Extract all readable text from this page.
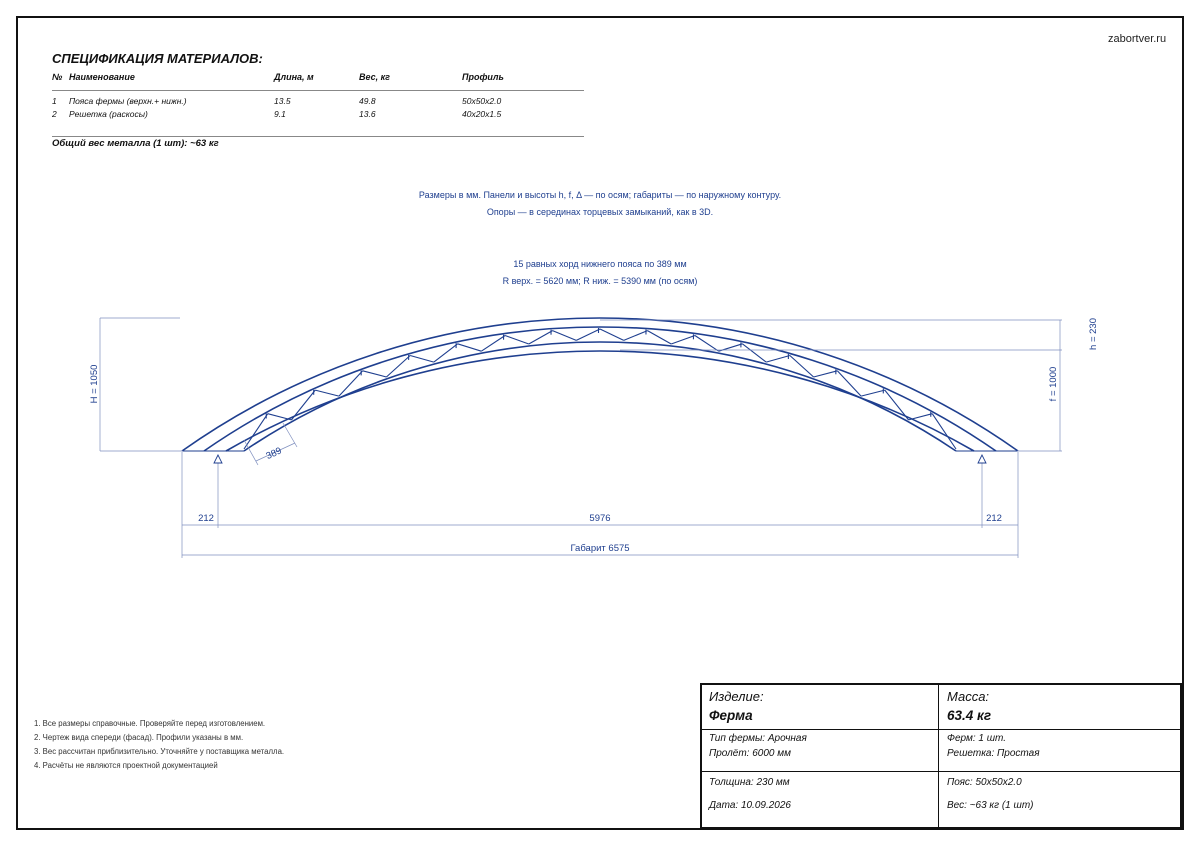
zabortver.ru
СПЕЦИФИКАЦИЯ МАТЕРИАЛОВ:
№ Наименование	Длина, м	Вес, кг	Профиль
1 Пояса фермы (верхн.+ нижн.)	13.5	49.8	50x50x2.0
2 Решетка (раскосы)	9.1	13.6	40x20x1.5
Общий вес металла (1 шт): ~63 кг
Размеры в мм. Панели и высоты h, f, Δ — по осям; габариты — по наружному контуру.
Опоры — в серединах торцевых замыканий, как в 3D.
15 равных хорд нижнего пояса по 389 мм
R верх. = 5620 мм; R ниж. = 5390 мм (по осям)
H = 1050	f = 1000
h = 230
389
212	5976	212
Габарит 6575
1. Все размеры справочные. Проверяйте перед изготовлением.
2. Чертеж вида спереди (фасад). Профили указаны в мм.
3. Вес рассчитан приблизительно. Уточняйте у поставщика металла.
4. Расчёты не являются проектной документацией
Изделие:
Ферма
Масса:
63.4 кг
Тип фермы: Арочная
Пролёт: 6000 мм
Ферм: 1 шт.
Решетка: Простая
Толщина: 230 мм
Дата: 10.09.2026
Пояс: 50x50x2.0
Вес: ~63 кг (1 шт)
